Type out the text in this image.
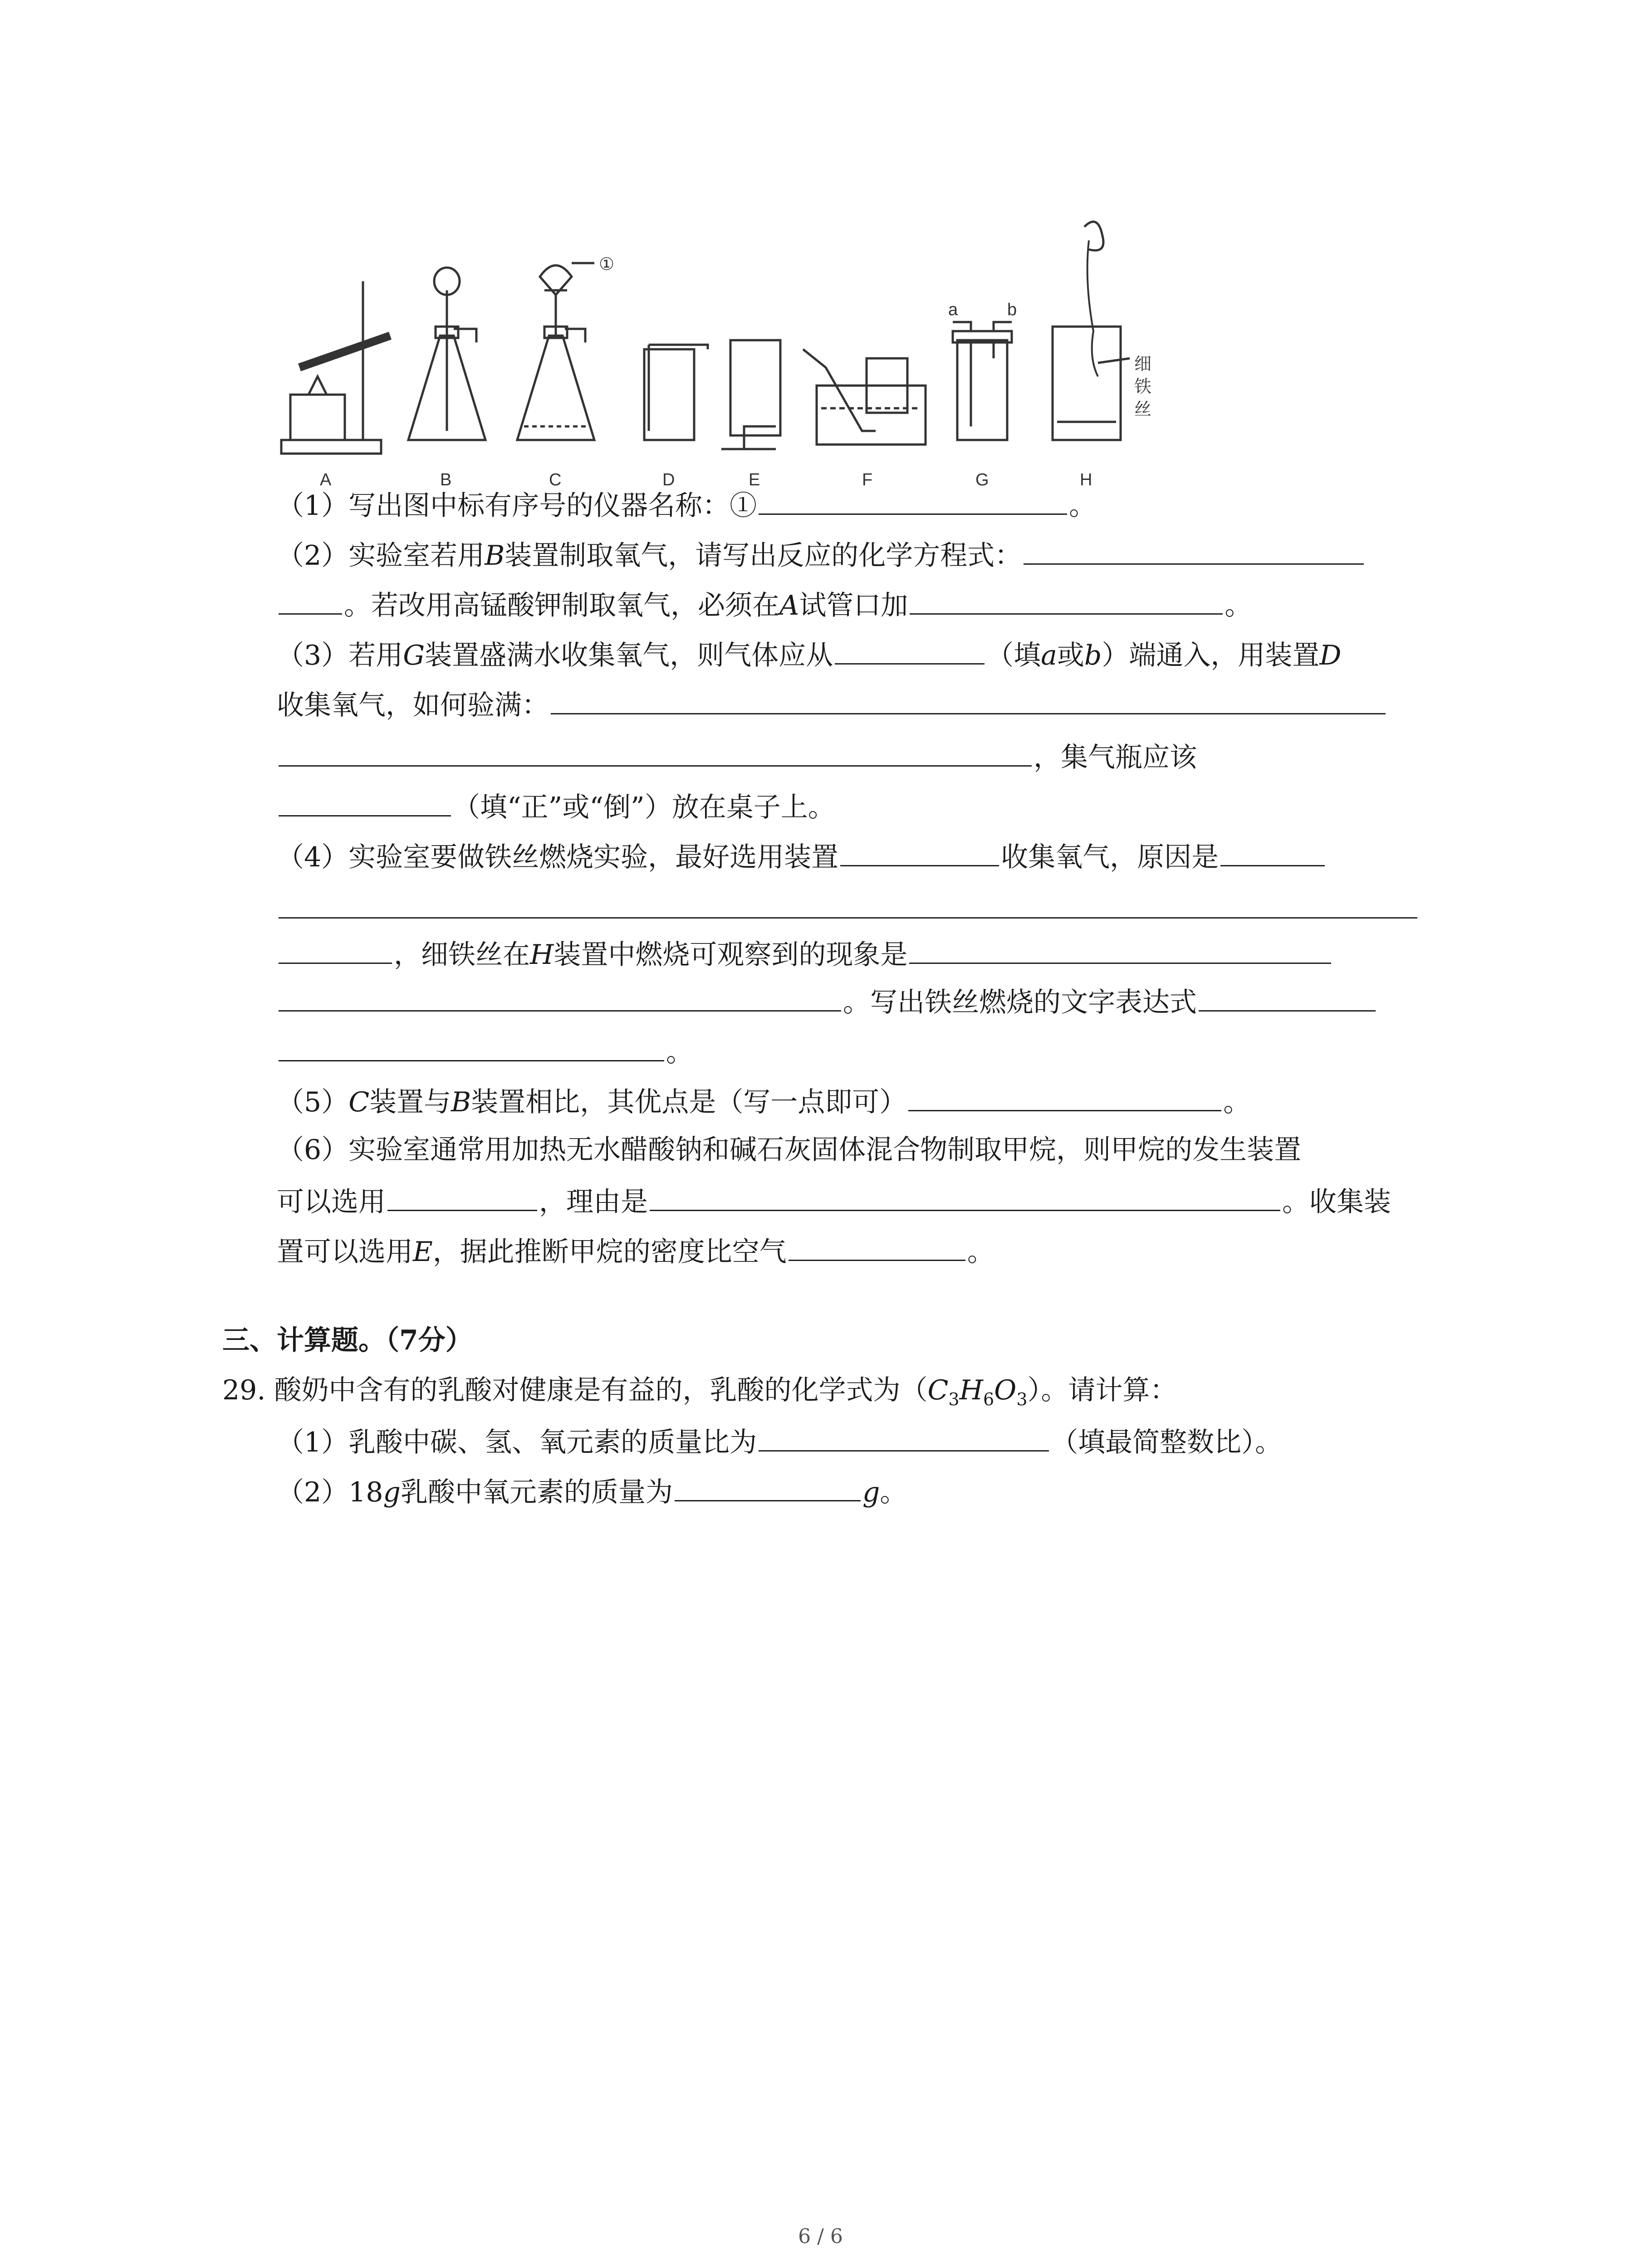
A	B	C	D	E	F	G	H
①
a	b
细
铁
丝
（1）写出图中标有序号的仪器名称：①	。
（2）实验室若用B装置制取氧气，请写出反应的化学方程式：
。若改用高锰酸钾制取氧气，必须在A试管口加	。
（3）若用G装置盛满水收集氧气，则气体应从	（填a或b）端通入，用装置D
收集氧气，如何验满：
，集气瓶应该
（填“正”或“倒”）放在桌子上。
（4）实验室要做铁丝燃烧实验，最好选用装置	收集氧气，原因是
，细铁丝在H装置中燃烧可观察到的现象是
。写出铁丝燃烧的文字表达式
。
（5）C装置与B装置相比，其优点是（写一点即可）	。
（6）实验室通常用加热无水醋酸钠和碱石灰固体混合物制取甲烷，则甲烷的发生装置
可以选用	，理由是	。收集装
置可以选用E，据此推断甲烷的密度比空气	。
三、计算题。（7分）
29. 酸奶中含有的乳酸对健康是有益的，乳酸的化学式为$(C_3H_6O_3)$。请计算：
（1）乳酸中碳、氢、氧元素的质量比为	（填最简整数比）。
（2）18g乳酸中氧元素的质量为	g。
6 / 6
